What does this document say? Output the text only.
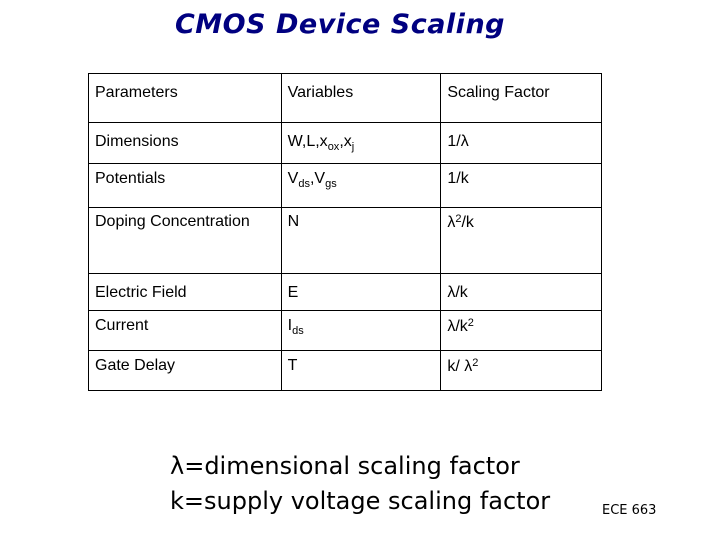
CMOS Device Scaling
Parameters	Variables	Scaling Factor
Dimensions	$W,L,x_{ox},x_j$	1/λ
Potentials	$V_{ds},V_{gs}$	1/k
Doping Concentration	N	$\lambda^2/k$
Electric Field	E	λ/k
Current	$I_{ds}$	$\lambda/k^2$
Gate Delay	T	k/ $\lambda^2$
λ=dimensional scaling factor
k=supply voltage scaling factor	ECE 663
